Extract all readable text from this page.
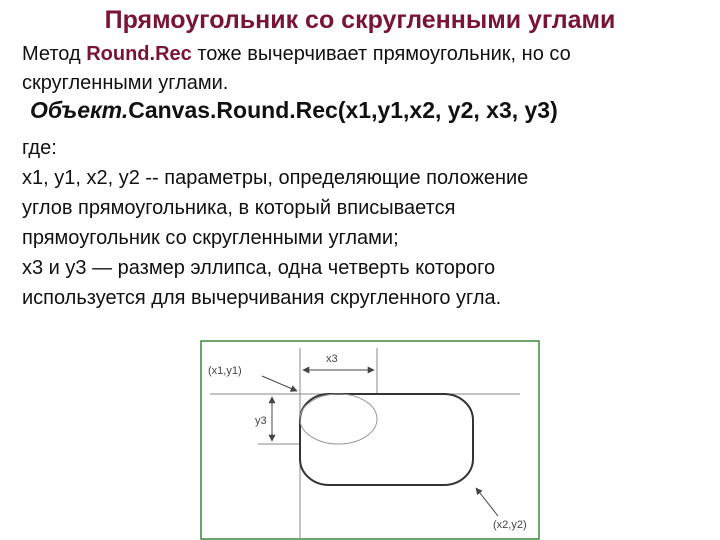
Прямоугольник со скругленными углами
Метод Round.Rec тоже вычерчивает прямоугольник, но со
скругленными углами.
Объект.Canvas.Round.Rec(x1,y1,x2, y2, x3, y3)
где:
x1, y1, x2, y2 -- параметры, определяющие положение
углов прямоугольника, в который вписывается
прямоугольник со скругленными углами;
x3 и y3 — размер эллипса, одна четверть которого
используется для вычерчивания скругленного угла.
x3
y3
(x1,y1)
(x2,y2)
